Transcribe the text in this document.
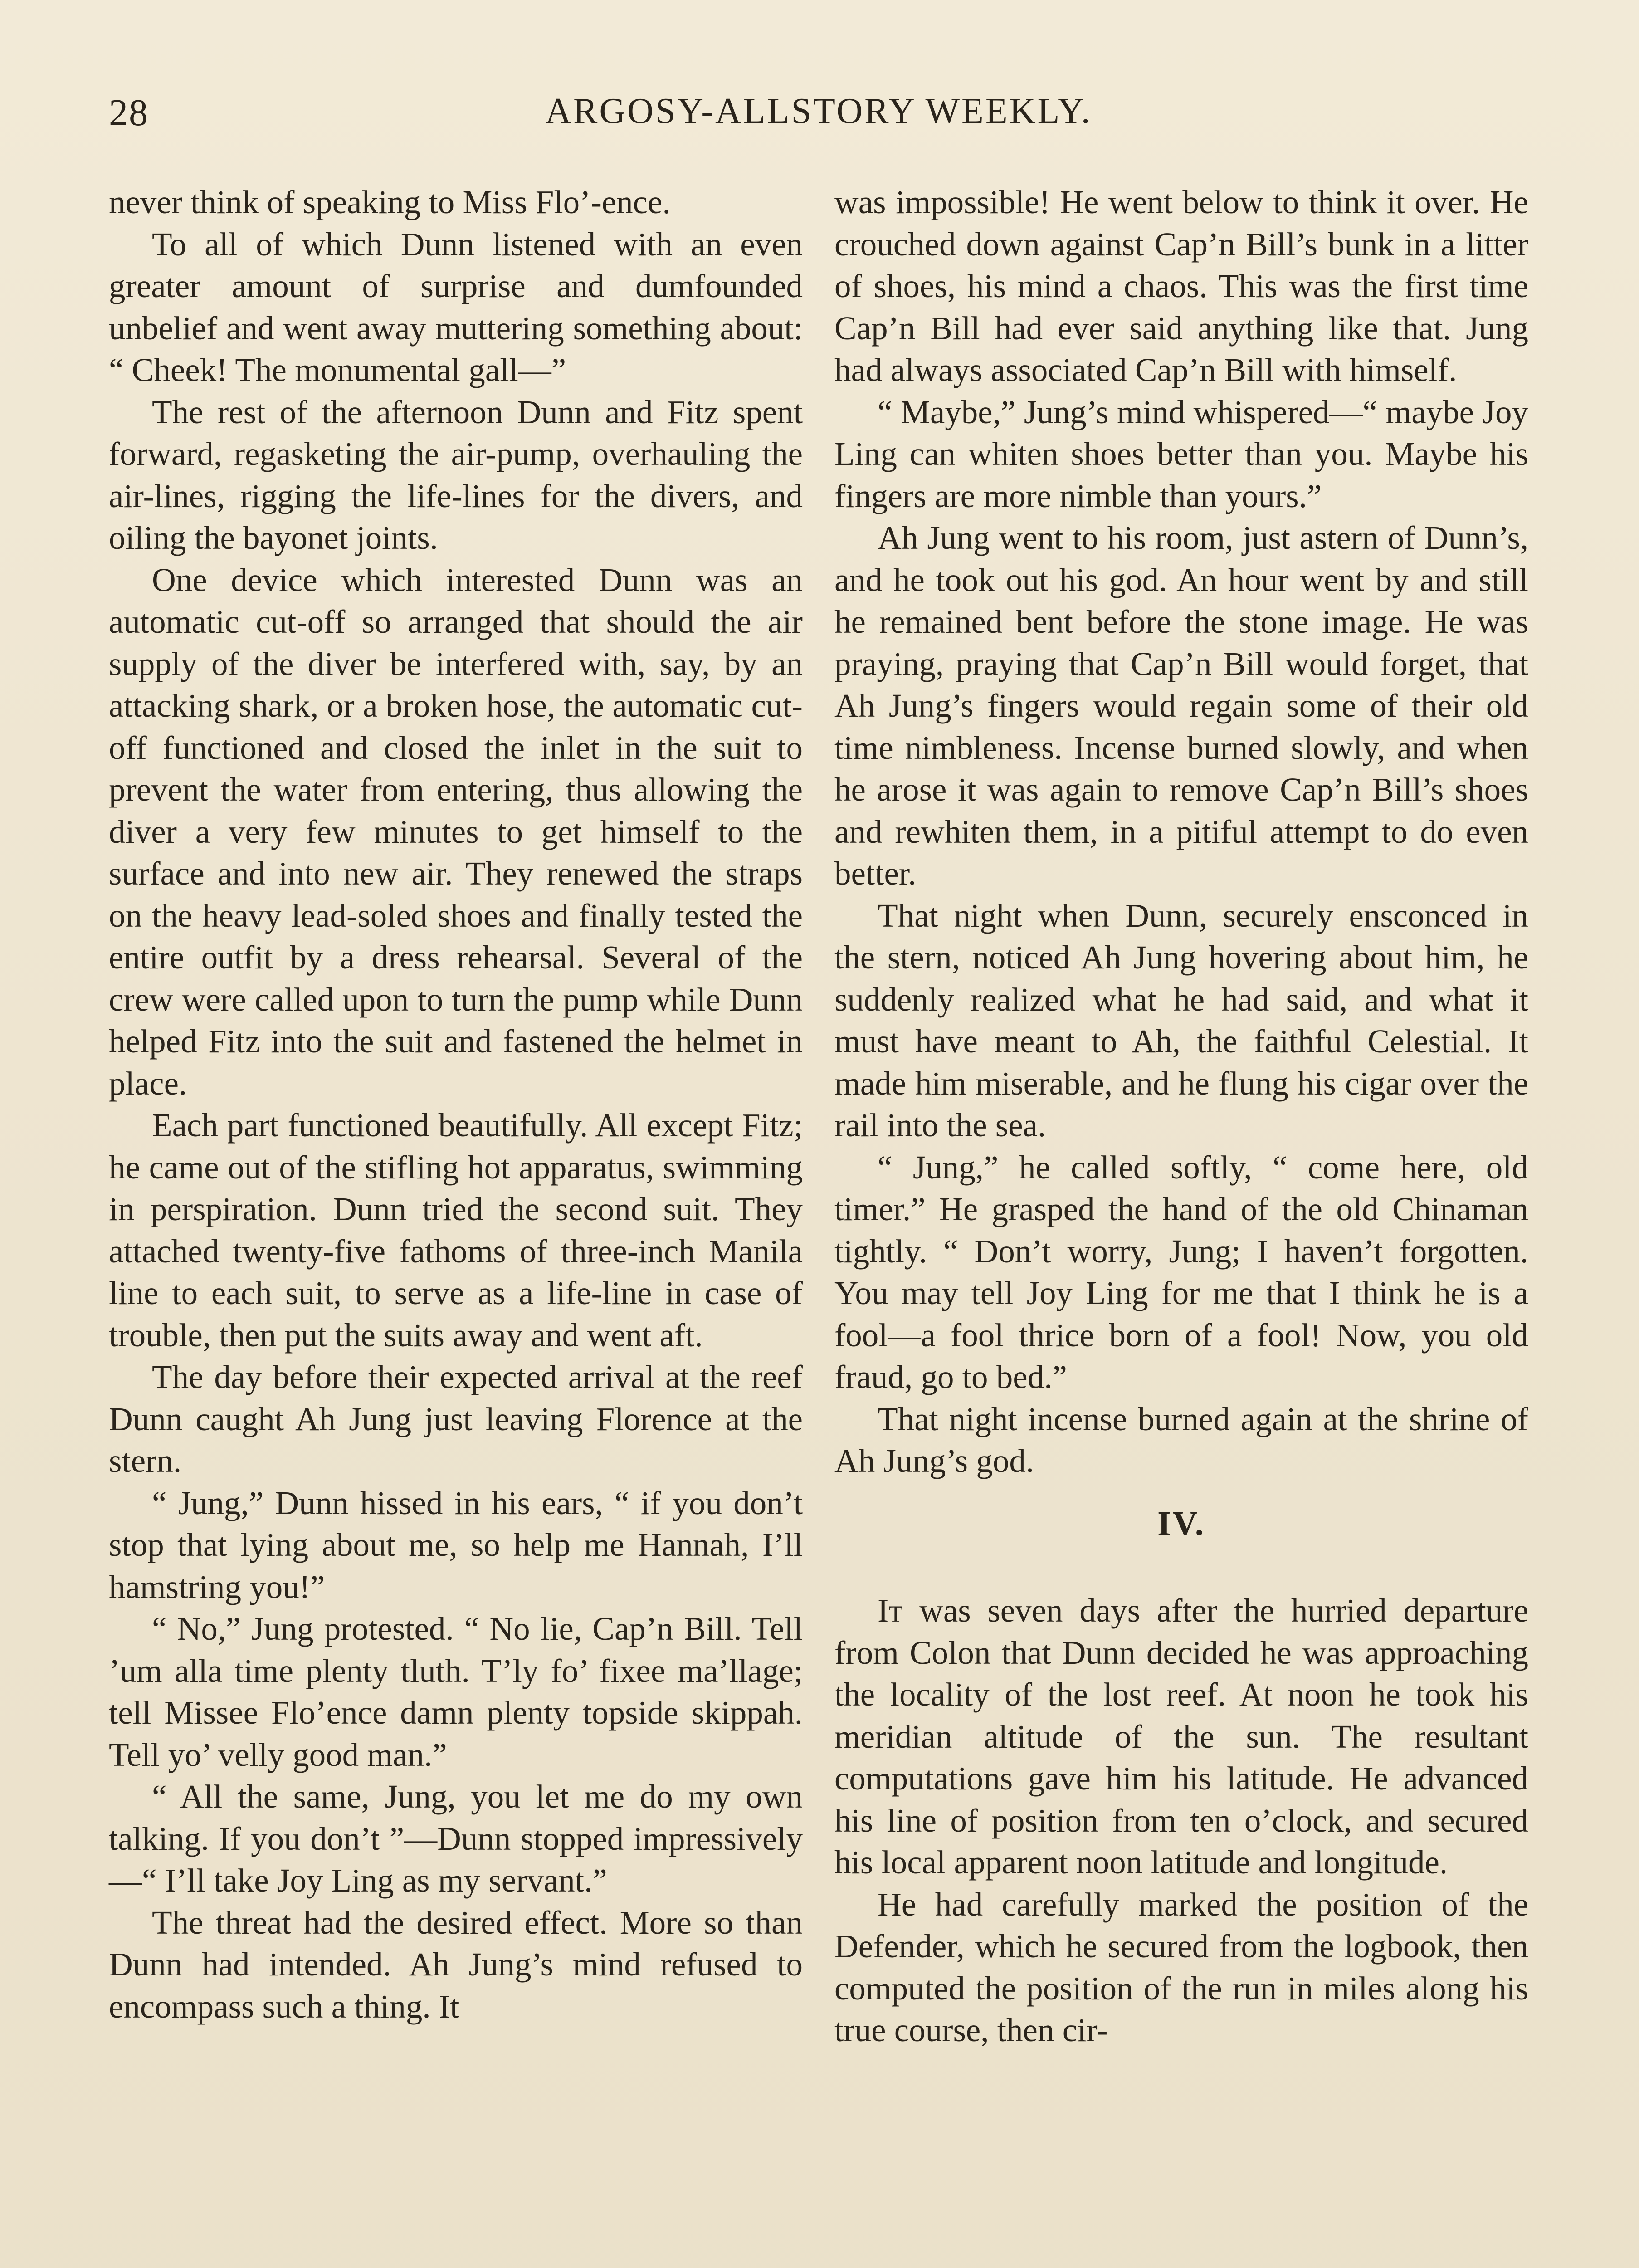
28	ARGOSY-ALLSTORY WEEKLY.

never think of speaking to Miss Flo’-ence.

To all of which Dunn listened with an even greater amount of surprise and dumfounded unbelief and went away muttering something about: “ Cheek! The monumental gall—”

The rest of the afternoon Dunn and Fitz spent forward, regasketing the air-pump, overhauling the air-lines, rigging the life-lines for the divers, and oiling the bayonet joints.

One device which interested Dunn was an automatic cut-off so arranged that should the air supply of the diver be interfered with, say, by an attacking shark, or a broken hose, the automatic cut-off functioned and closed the inlet in the suit to prevent the water from entering, thus allowing the diver a very few minutes to get himself to the surface and into new air. They renewed the straps on the heavy lead-soled shoes and finally tested the entire outfit by a dress rehearsal. Several of the crew were called upon to turn the pump while Dunn helped Fitz into the suit and fastened the helmet in place.

Each part functioned beautifully. All except Fitz; he came out of the stifling hot apparatus, swimming in perspiration. Dunn tried the second suit. They attached twenty-five fathoms of three-inch Manila line to each suit, to serve as a life-line in case of trouble, then put the suits away and went aft.

The day before their expected arrival at the reef Dunn caught Ah Jung just leaving Florence at the stern.

“ Jung,” Dunn hissed in his ears, “ if you don’t stop that lying about me, so help me Hannah, I’ll hamstring you!”

“ No,” Jung protested. “ No lie, Cap’n Bill. Tell ’um alla time plenty tluth. T’ly fo’ fixee ma’llage; tell Missee Flo’ence damn plenty topside skippah. Tell yo’ velly good man.”

“ All the same, Jung, you let me do my own talking. If you don’t ”—Dunn stopped impressively—“ I’ll take Joy Ling as my servant.”

The threat had the desired effect. More so than Dunn had intended. Ah Jung’s mind refused to encompass such a thing. It

was impossible! He went below to think it over. He crouched down against Cap’n Bill’s bunk in a litter of shoes, his mind a chaos. This was the first time Cap’n Bill had ever said anything like that. Jung had always associated Cap’n Bill with himself.

“ Maybe,” Jung’s mind whispered—“ maybe Joy Ling can whiten shoes better than you. Maybe his fingers are more nimble than yours.”

Ah Jung went to his room, just astern of Dunn’s, and he took out his god. An hour went by and still he remained bent before the stone image. He was praying, praying that Cap’n Bill would forget, that Ah Jung’s fingers would regain some of their old time nimbleness. Incense burned slowly, and when he arose it was again to remove Cap’n Bill’s shoes and rewhiten them, in a pitiful attempt to do even better.

That night when Dunn, securely ensconced in the stern, noticed Ah Jung hovering about him, he suddenly realized what he had said, and what it must have meant to Ah, the faithful Celestial. It made him miserable, and he flung his cigar over the rail into the sea.

“ Jung,” he called softly, “ come here, old timer.” He grasped the hand of the old Chinaman tightly. “ Don’t worry, Jung; I haven’t forgotten. You may tell Joy Ling for me that I think he is a fool—a fool thrice born of a fool! Now, you old fraud, go to bed.”

That night incense burned again at the shrine of Ah Jung’s god.

IV.

It was seven days after the hurried departure from Colon that Dunn decided he was approaching the locality of the lost reef. At noon he took his meridian altitude of the sun. The resultant computations gave him his latitude. He advanced his line of position from ten o’clock, and secured his local apparent noon latitude and longitude.

He had carefully marked the position of the Defender, which he secured from the logbook, then computed the position of the run in miles along his true course, then cir-
